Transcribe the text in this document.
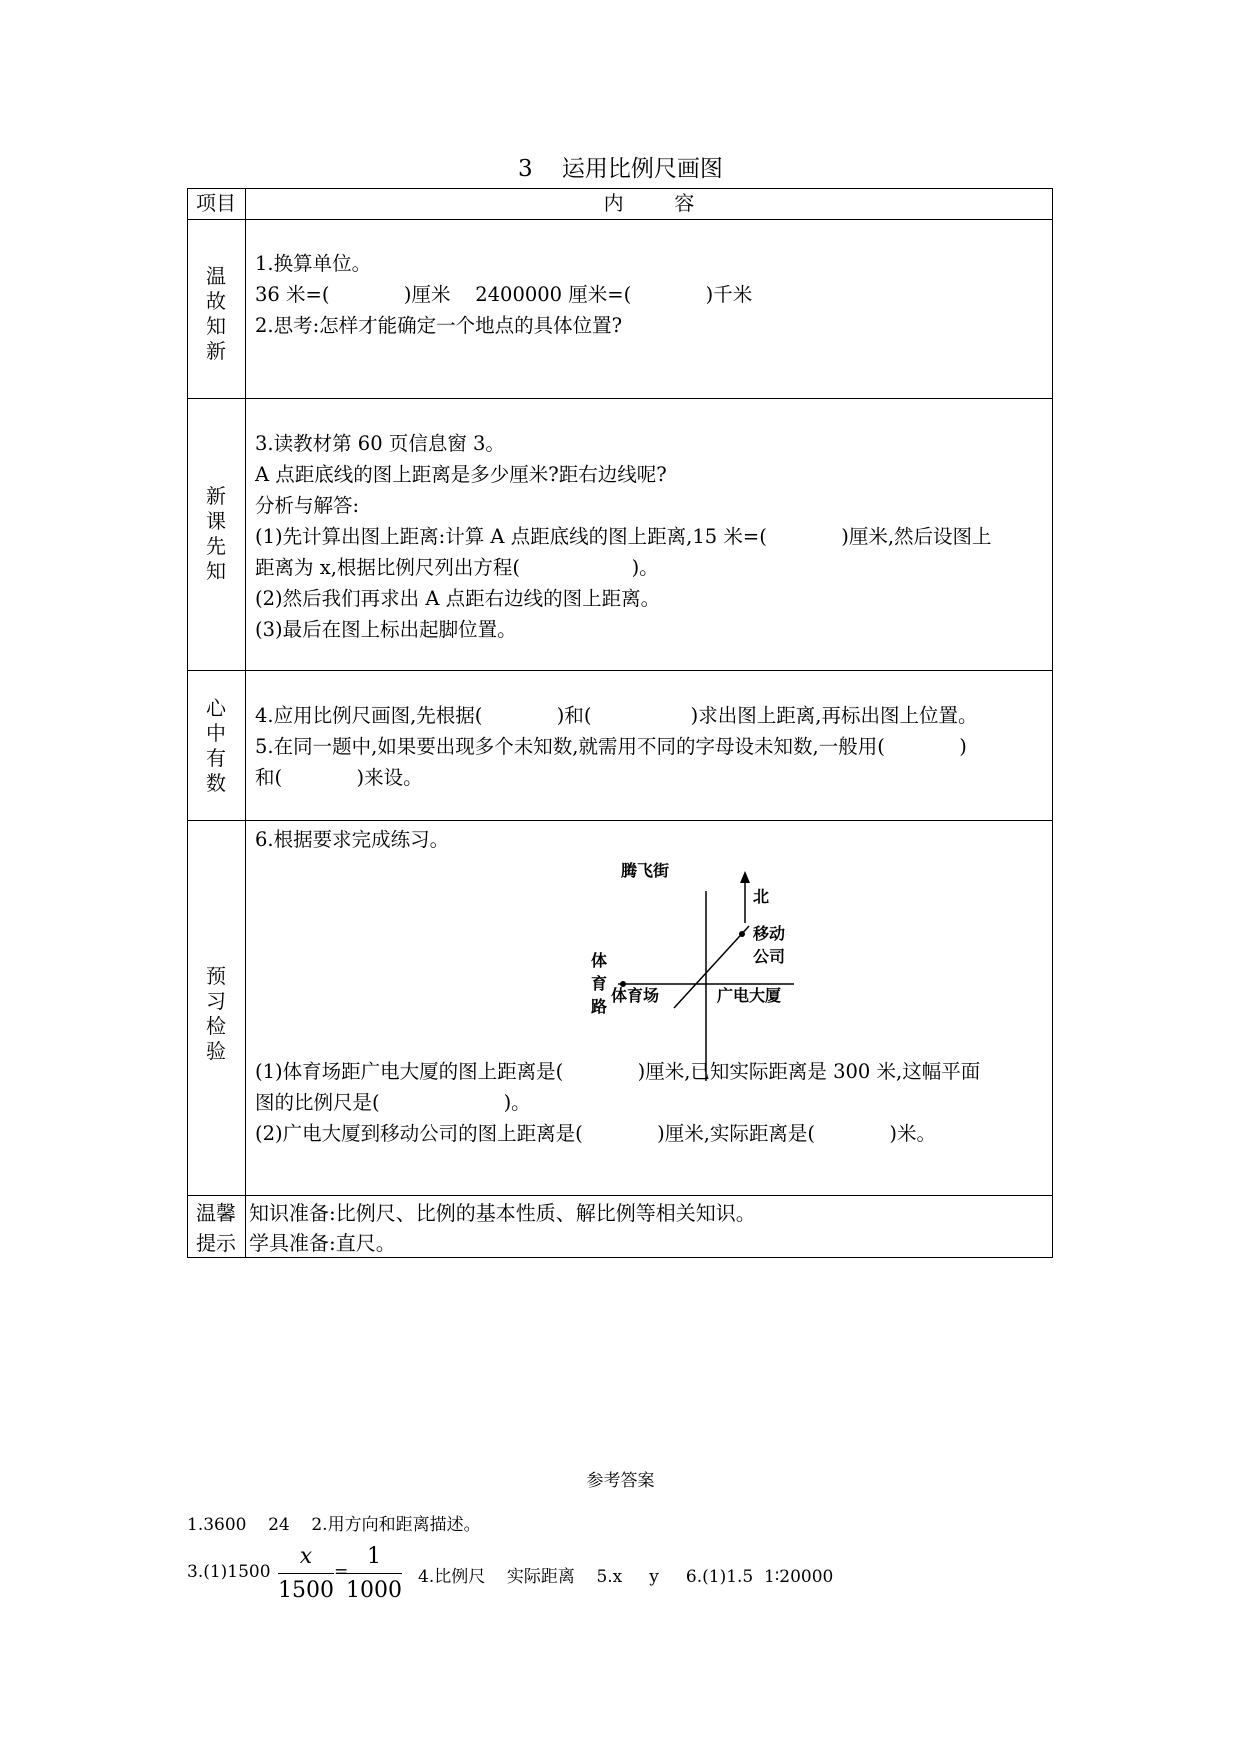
3    运用比例尺画图
项目	内        容
温
故
知
新

1.换算单位。

36 米=(            )厘米    2400000 厘米=(            )千米

2.思考:怎样才能确定一个地点的具体位置?

新
课
先
知

3.读教材第 60 页信息窗 3。

A 点距底线的图上距离是多少厘米?距右边线呢?

分析与解答:

(1)先计算出图上距离:计算 A 点距底线的图上距离,15 米=(            )厘米,然后设图上

距离为 x,根据比例尺列出方程(                  )。

(2)然后我们再求出 A 点距右边线的图上距离。

(3)最后在图上标出起脚位置。

心
中
有
数

4.应用比例尺画图,先根据(            )和(                )求出图上距离,再标出图上位置。

5.在同一题中,如果要出现多个未知数,就需用不同的字母设未知数,一般用(            )

和(            )来设。

预
习
检
验

6.根据要求完成练习。

腾飞街
北
移动
公司
体
育
路
体育场	广电大厦

(1)体育场距广电大厦的图上距离是(            )厘米,已知实际距离是 300 米,这幅平面

图的比例尺是(                    )。

(2)广电大厦到移动公司的图上距离是(            )厘米,实际距离是(            )米。

温馨
提示
知识准备:比例尺、比例的基本性质、解比例等相关知识。
学具准备:直尺。
参考答案
1.3600    24    2.用方向和距离描述。
$3.(1)1500 \frac{x}{1500}$ =
$\frac{1}{1000} 4$.比例尺    实际距离    5.x     y     6.(1)1.5  1∶20000
